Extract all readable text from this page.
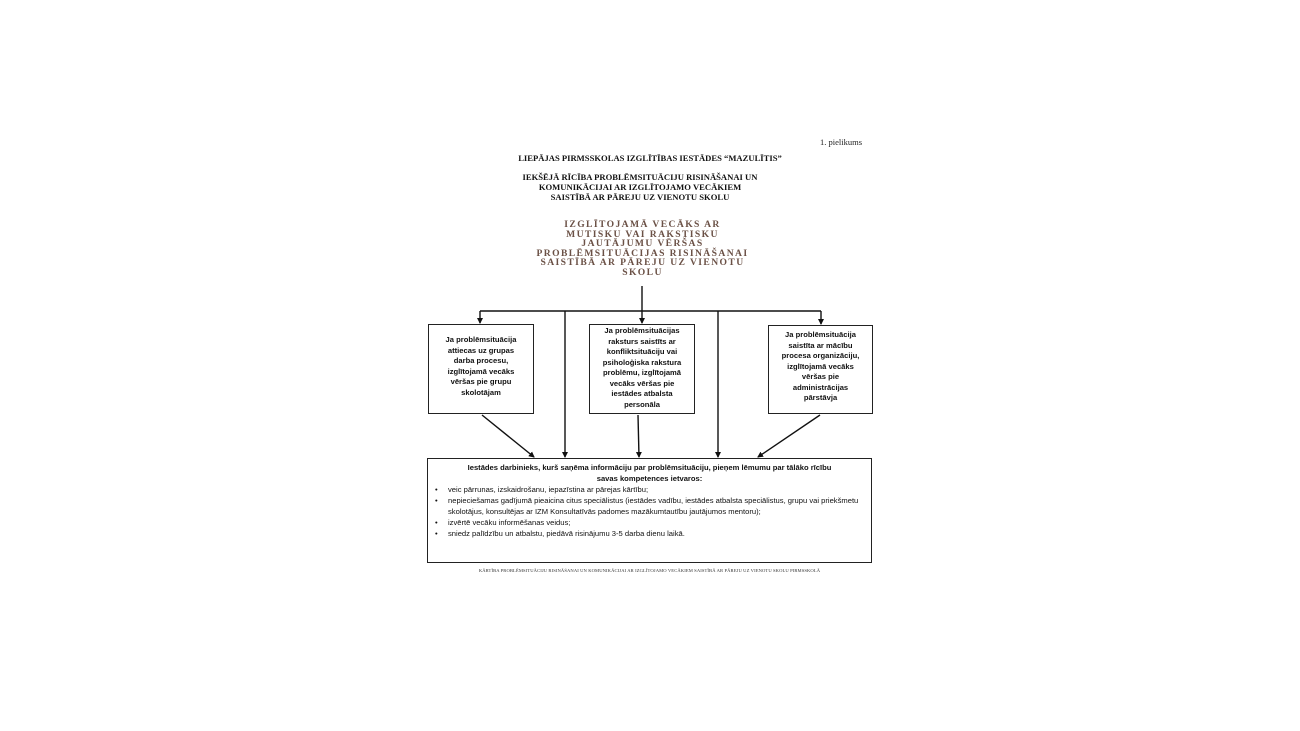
1. pielikums
LIEPĀJAS PIRMSSKOLAS IZGLĪTĪBAS IESTĀDES “MAZULĪTIS”
IEKŠĒJĀ RĪCĪBA PROBLĒMSITUĀCIJU RISINĀŠANAI UN
KOMUNIKĀCIJAI AR IZGLĪTOJAMO VECĀKIEM
SAISTĪBĀ AR PĀREJU UZ VIENOTU SKOLU
IZGLĪTOJAMĀ VECĀKS AR
MUTISKU VAI RAKSTISKU
JAUTĀJUMU VĒRŠAS
PROBLĒMSITUĀCIJAS RISINĀŠANAI
SAISTĪBĀ AR PĀREJU UZ VIENOTU
SKOLU
Ja problēmsituācija
attiecas uz grupas
darba procesu,
izglītojamā vecāks
vēršas pie grupu
skolotājam
Ja problēmsituācijas
raksturs saistīts ar
konfliktsituāciju vai
psiholoģiska rakstura
problēmu, izglītojamā
vecāks vēršas pie
iestādes atbalsta
personāla
Ja problēmsituācija
saistīta ar mācību
procesa organizāciju,
izglītojamā vecāks
vēršas pie
administrācijas
pārstāvja
Iestādes darbinieks, kurš saņēma informāciju par problēmsituāciju, pieņem lēmumu par tālāko rīcību
savas kompetences ietvaros:
• veic pārrunas, izskaidrošanu, iepazīstina ar pārejas kārtību;
• nepieciešamas gadījumā pieaicina citus speciālistus (iestādes vadību, iestādes atbalsta speciālistus, grupu vai priekšmetu skolotājus, konsultējas ar IZM Konsultatīvās padomes mazākumtautību jautājumos mentoru);
• izvērtē vecāku informēšanas veidus;
• sniedz palīdzību un atbalstu, piedāvā risinājumu 3-5 darba dienu laikā.
KĀRTĪBA PROBLĒMSITUĀCIJU RISINĀŠANAI UN KOMUNIKĀCIJAI AR IZGLĪTOJAMO VECĀKIEM SAISTĪBĀ AR PĀREJU UZ VIENOTU SKOLU PIRMSSKOLĀ
